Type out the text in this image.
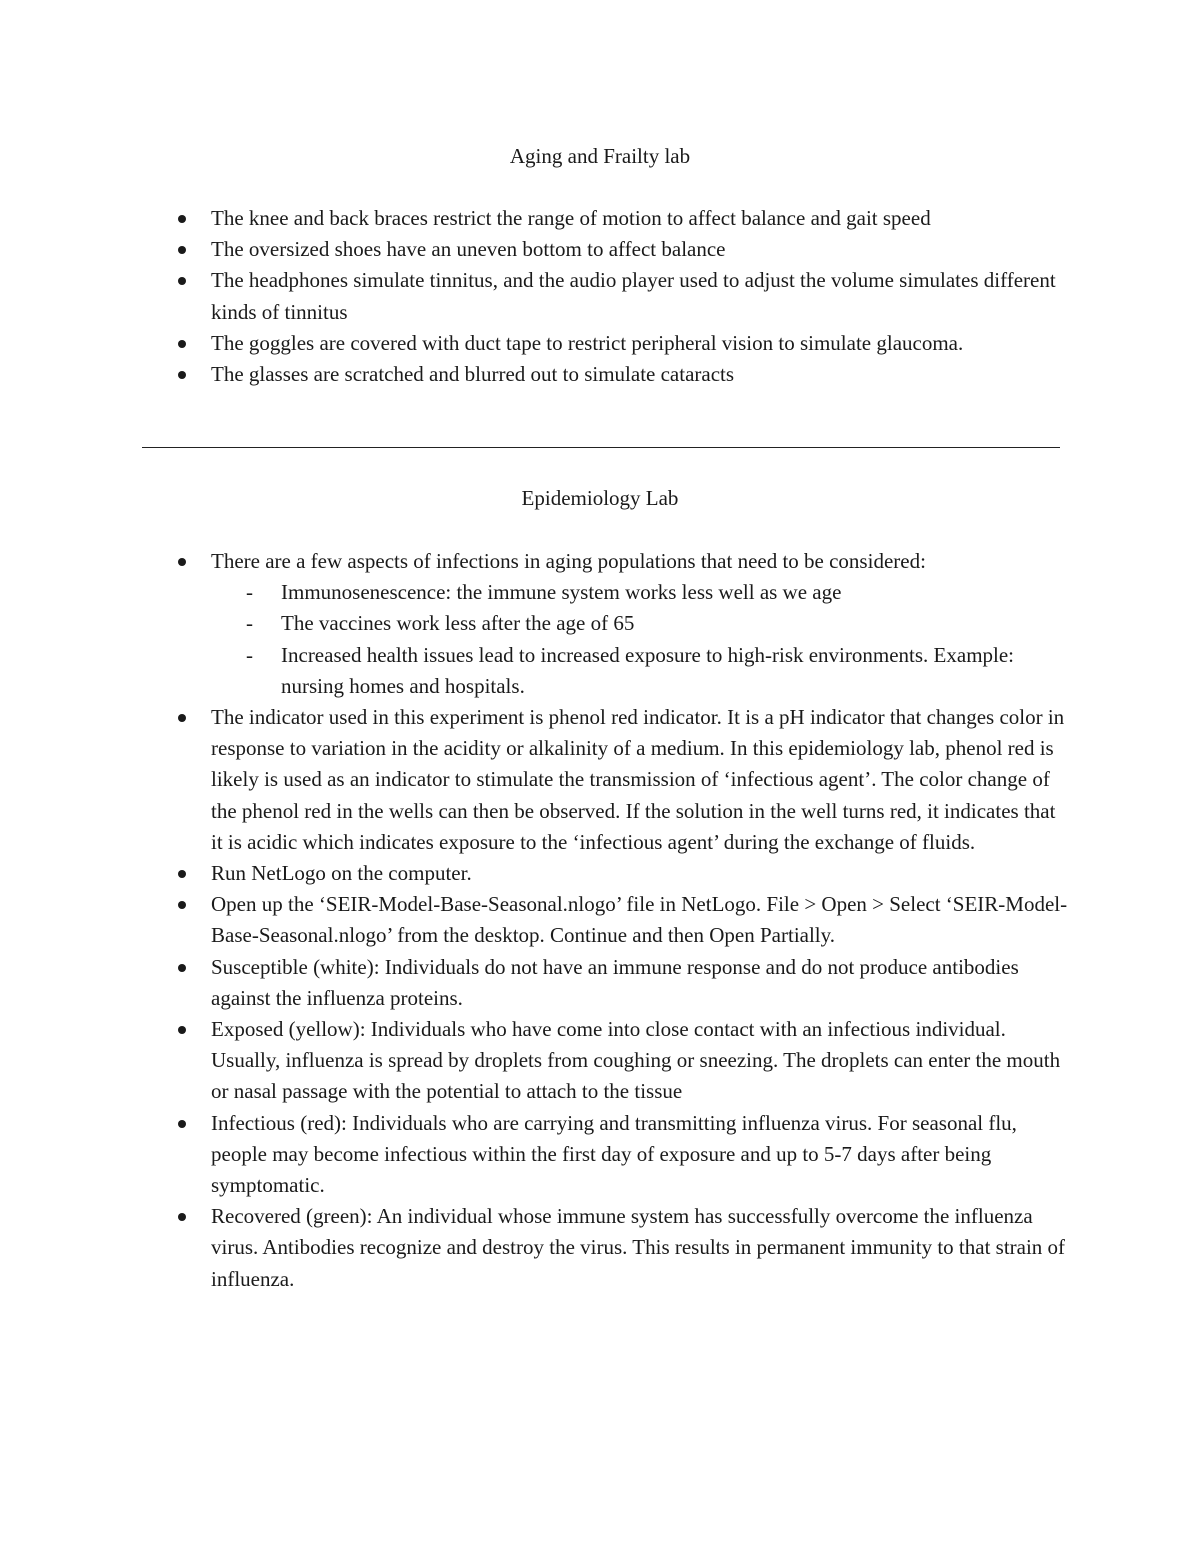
Aging and Frailty lab
The knee and back braces restrict the range of motion to affect balance and gait speed
The oversized shoes have an uneven bottom to affect balance
The headphones simulate tinnitus, and the audio player used to adjust the volume simulates different kinds of tinnitus
The goggles are covered with duct tape to restrict peripheral vision to simulate glaucoma.
The glasses are scratched and blurred out to simulate cataracts
Epidemiology Lab
There are a few aspects of infections in aging populations that need to be considered:
- Immunosenescence: the immune system works less well as we age
- The vaccines work less after the age of 65
- Increased health issues lead to increased exposure to high-risk environments. Example: nursing homes and hospitals.
The indicator used in this experiment is phenol red indicator. It is a pH indicator that changes color in response to variation in the acidity or alkalinity of a medium. In this epidemiology lab, phenol red is likely is used as an indicator to stimulate the transmission of ‘infectious agent’. The color change of the phenol red in the wells can then be observed. If the solution in the well turns red, it indicates that it is acidic which indicates exposure to the ‘infectious agent’ during the exchange of fluids.
Run NetLogo on the computer.
Open up the ‘SEIR-Model-Base-Seasonal.nlogo’ file in NetLogo. File > Open > Select ‘SEIR-Model-Base-Seasonal.nlogo’ from the desktop. Continue and then Open Partially.
Susceptible (white): Individuals do not have an immune response and do not produce antibodies against the influenza proteins.
Exposed (yellow): Individuals who have come into close contact with an infectious individual. Usually, influenza is spread by droplets from coughing or sneezing. The droplets can enter the mouth or nasal passage with the potential to attach to the tissue
Infectious (red): Individuals who are carrying and transmitting influenza virus. For seasonal flu, people may become infectious within the first day of exposure and up to 5-7 days after being symptomatic.
Recovered (green): An individual whose immune system has successfully overcome the influenza virus. Antibodies recognize and destroy the virus. This results in permanent immunity to that strain of influenza.
